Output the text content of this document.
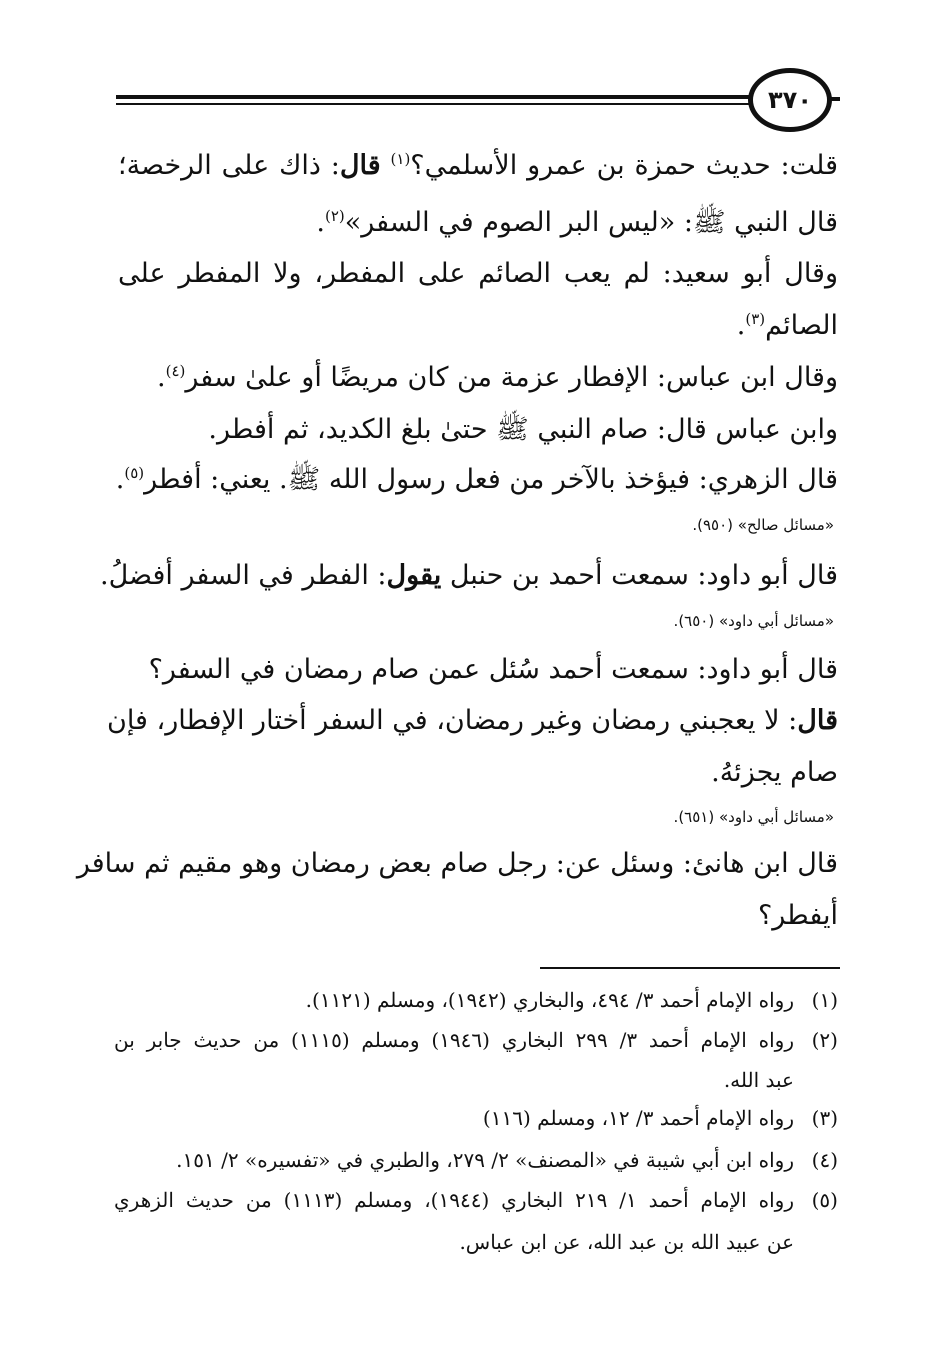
٣٧٠
قلت: حديث حمزة بن عمرو الأسلمي؟$^{(١)}$ قال: ذاك على الرخصة؛
قال النبي ﷺ: «ليس البر الصوم في السفر»$^{(٢)}$.
وقال أبو سعيد: لم يعب الصائم على المفطر، ولا المفطر على
الصائم$^{(٣)}$.
وقال ابن عباس: الإفطار عزمة من كان مريضًا أو علىٰ سفر$^{(٤)}$.
وابن عباس قال: صام النبي ﷺ حتىٰ بلغ الكديد، ثم أفطر.
قال الزهري: فيؤخذ بالآخر من فعل رسول الله ﷺ. يعني: أفطر$^{(٥)}$.
«مسائل صالح» (٩٥٠).
قال أبو داود: سمعت أحمد بن حنبل يقول: الفطر في السفر أفضلُ.
«مسائل أبي داود» (٦٥٠).
قال أبو داود: سمعت أحمد سُئل عمن صام رمضان في السفر؟
قال: لا يعجبني رمضان وغير رمضان، في السفر أختار الإفطار، فإن
صام يجزئهُ.
«مسائل أبي داود» (٦٥١).
قال ابن هانئ: وسئل عن: رجل صام بعض رمضان وهو مقيم ثم سافر
أيفطر؟
(١)رواه الإمام أحمد ٣/ ٤٩٤، والبخاري (١٩٤٢)، ومسلم (١١٢١).
(٢)رواه الإمام أحمد ٣/ ٢٩٩ البخاري (١٩٤٦) ومسلم (١١١٥) من حديث جابر بن
عبد الله.
(٣)رواه الإمام أحمد ٣/ ١٢، ومسلم (١١٦)
(٤)رواه ابن أبي شيبة في «المصنف» ٢/ ٢٧٩، والطبري في «تفسيره» ٢/ ١٥١.
(٥)رواه الإمام أحمد ١/ ٢١٩ البخاري (١٩٤٤)، ومسلم (١١١٣) من حديث الزهري
عن عبيد الله بن عبد الله، عن ابن عباس.
